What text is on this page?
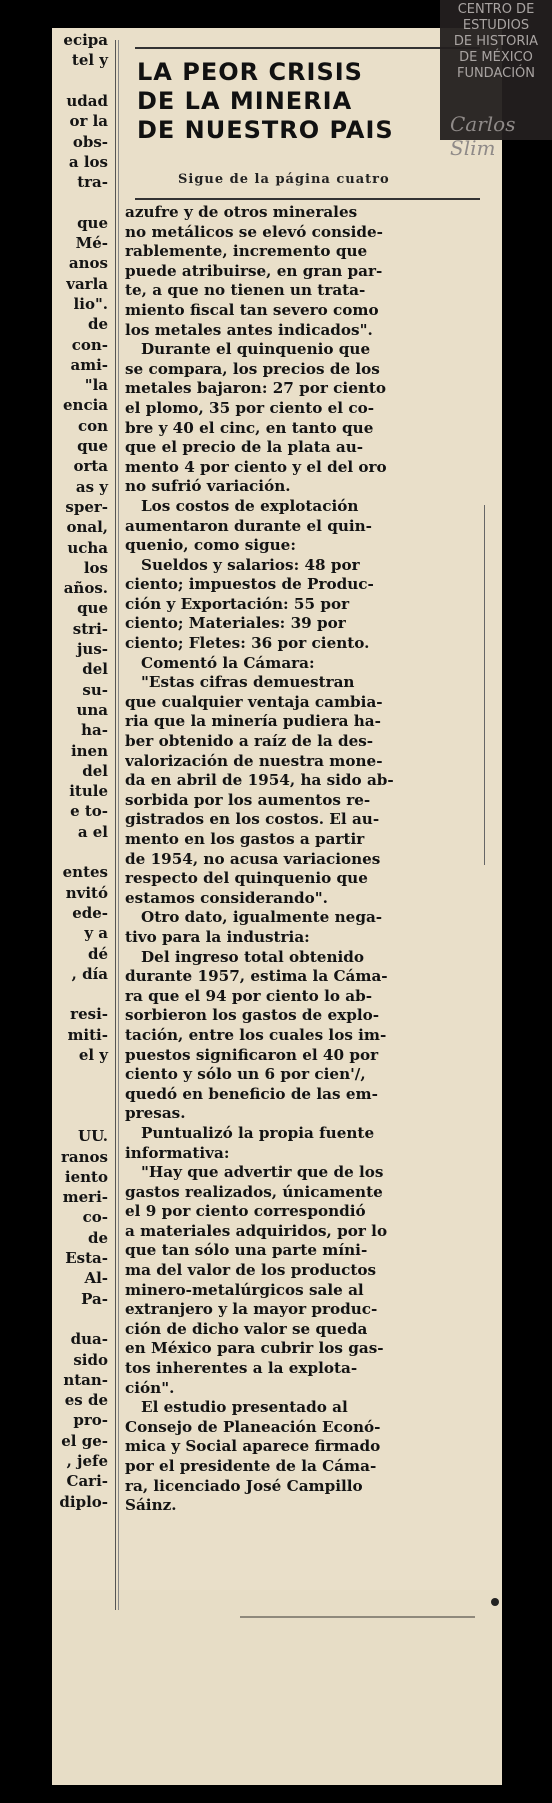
ecipa
tel y
udad
or la
obs-
a los
tra-
que
Mé-
anos
varla
lio".
de
con-
ami-
"la
encia
con
que
orta
as y
sper-
onal,
ucha
los
años.
que
stri-
jus-
del
su-
una
ha-
inen
del
itule
e to-
a el
entes
nvitó
ede-
y a
dé
, día
resi-
miti-
el y
UU.
ranos
iento
meri-
co-
de
Esta-
Al-
Pa-
dua-
sido
ntan-
es de
pro-
el ge-
, jefe
Cari-
diplo-
LA PEOR CRISIS
DE LA MINERIA
DE NUESTRO PAIS
Sigue de la página cuatro
azufre y de otros minerales
no metálicos se elevó conside-
rablemente, incremento que
puede atribuirse, en gran par-
te, a que no tienen un trata-
miento fiscal tan severo como
los metales antes indicados".
Durante el quinquenio que
se compara, los precios de los
metales bajaron: 27 por ciento
el plomo, 35 por ciento el co-
bre y 40 el cinc, en tanto que
que el precio de la plata au-
mento 4 por ciento y el del oro
no sufrió variación.
Los costos de explotación
aumentaron durante el quin-
quenio, como sigue:
Sueldos y salarios: 48 por
ciento; impuestos de Produc-
ción y Exportación: 55 por
ciento; Materiales: 39 por
ciento; Fletes: 36 por ciento.
Comentó la Cámara:
"Estas cifras demuestran
que cualquier ventaja cambia-
ria que la minería pudiera ha-
ber obtenido a raíz de la des-
valorización de nuestra mone-
da en abril de 1954, ha sido ab-
sorbida por los aumentos re-
gistrados en los costos. El au-
mento en los gastos a partir
de 1954, no acusa variaciones
respecto del quinquenio que
estamos considerando".
Otro dato, igualmente nega-
tivo para la industria:
Del ingreso total obtenido
durante 1957, estima la Cáma-
ra que el 94 por ciento lo ab-
sorbieron los gastos de explo-
tación, entre los cuales los im-
puestos significaron el 40 por
ciento y sólo un 6 por cien'/,
quedó en beneficio de las em-
presas.
Puntualizó la propia fuente
informativa:
"Hay que advertir que de los
gastos realizados, únicamente
el 9 por ciento correspondió
a materiales adquiridos, por lo
que tan sólo una parte míni-
ma del valor de los productos
minero-metalúrgicos sale al
extranjero y la mayor produc-
ción de dicho valor se queda
en México para cubrir los gas-
tos inherentes a la explota-
ción".
El estudio presentado al
Consejo de Planeación Econó-
mica y Social aparece firmado
por el presidente de la Cáma-
ra, licenciado José Campillo
Sáinz.
CENTRO DE ESTUDIOS
DE HISTORIA
DE MÉXICO
FUNDACIÓN
Carlos Slim
